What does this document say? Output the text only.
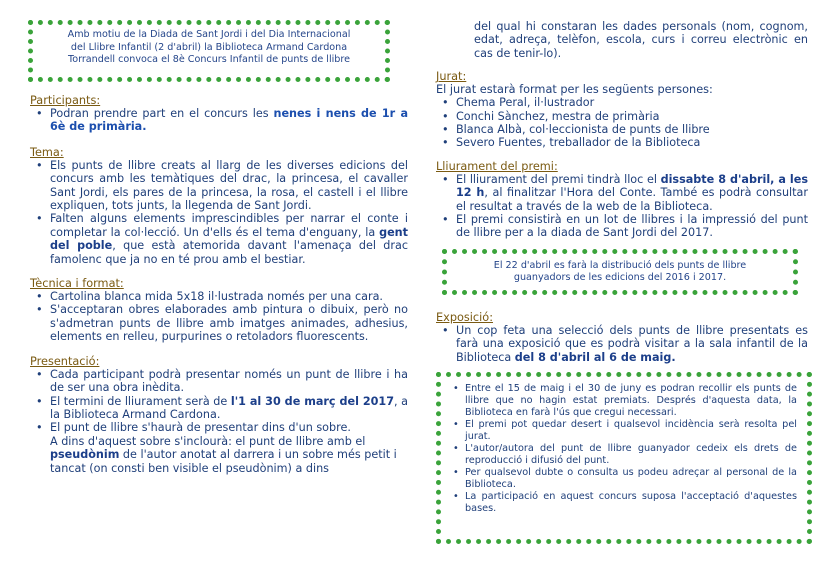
Amb motiu de la Diada de Sant Jordi i del Dia Internacional
del Llibre Infantil (2 d'abril) la Biblioteca Armand Cardona
Torrandell convoca el 8è Concurs Infantil de punts de llibre

Participants:

• Podran prendre part en el concurs les nenes i nens de 1r a 6è de primària.

Tema:

• Els punts de llibre creats al llarg de les diverses edicions del concurs amb les temàtiques del drac, la princesa, el cavaller Sant Jordi, els pares de la princesa, la rosa, el castell i el llibre expliquen, tots junts, la llegenda de Sant Jordi.
• Falten alguns elements imprescindibles per narrar el conte i completar la col·lecció. Un d'ells és el tema d'enguany, la gent del poble, que està atemorida davant l'amenaça del drac famolenc que ja no en té prou amb el bestiar.

Tècnica i format:

• Cartolina blanca mida 5x18 il·lustrada només per una cara.
• S'acceptaran obres elaborades amb pintura o dibuix, però no s'admetran punts de llibre amb imatges animades, adhesius, elements en relleu, purpurines o retoladors fluorescents.

Presentació:

• Cada participant podrà presentar només un punt de llibre i ha de ser una obra inèdita.
• El termini de lliurament serà de l'1 al 30 de març del 2017, a la Biblioteca Armand Cardona.
• El punt de llibre s'haurà de presentar dins d'un sobre.
A dins d'aquest sobre s'inclourà: el punt de llibre amb el pseudònim de l'autor anotat al darrera i un sobre més petit i tancat (on consti ben visible el pseudònim) a dins
del qual hi constaran les dades personals (nom, cognom, edat, adreça, telèfon, escola, curs i correu electrònic en cas de tenir-lo).

Jurat:

El jurat estarà format per les següents persones:

• Chema Peral, il·lustrador
• Conchi Sànchez, mestra de primària
• Blanca Albà, col·leccionista de punts de llibre
• Severo Fuentes, treballador de la Biblioteca

Lliurament del premi:

• El lliurament del premi tindrà lloc el dissabte 8 d'abril, a les 12 h, al finalitzar l'Hora del Conte. També es podrà consultar el resultat a través de la web de la Biblioteca.
• El premi consistirà en un lot de llibres i la impressió del punt de llibre per a la diada de Sant Jordi del 2017.
El 22 d'abril es farà la distribució dels punts de llibre
guanyadors de les edicions del 2016 i 2017.

Exposició:

• Un cop feta una selecció dels punts de llibre presentats es farà una exposició que es podrà visitar a la sala infantil de la Biblioteca del 8 d'abril al 6 de maig.
• Entre el 15 de maig i el 30 de juny es podran recollir els punts de llibre que no hagin estat premiats. Després d'aquesta data, la Biblioteca en farà l'ús que cregui necessari.
• El premi pot quedar desert i qualsevol incidència serà resolta pel jurat.
• L'autor/autora del punt de llibre guanyador cedeix els drets de reproducció i difusió del punt.
• Per qualsevol dubte o consulta us podeu adreçar al personal de la Biblioteca.
• La participació en aquest concurs suposa l'acceptació d'aquestes bases.
